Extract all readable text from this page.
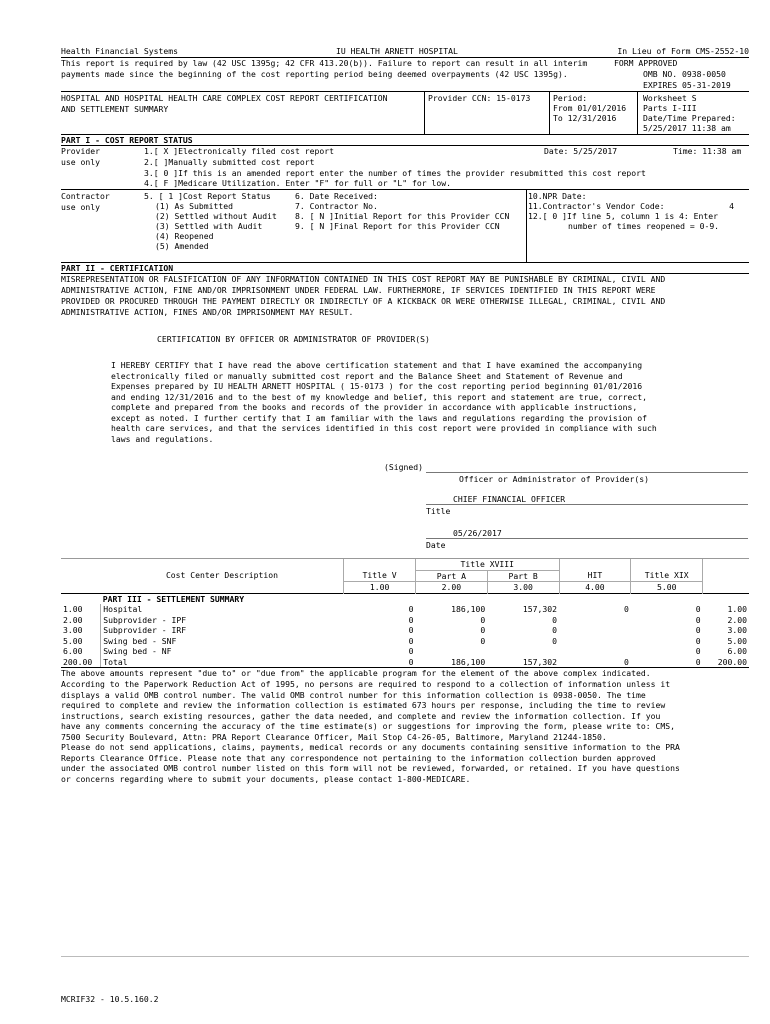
Health Financial Systems	IU HEALTH ARNETT HOSPITAL	In Lieu of Form CMS-2552-10
This report is required by law (42 USC 1395g; 42 CFR 413.20(b)). Failure to report can result in all interim	FORM APPROVED
payments made since the beginning of the cost reporting period being deemed overpayments (42 USC 1395g).	OMB NO. 0938-0050
EXPIRES 05-31-2019
HOSPITAL AND HOSPITAL HEALTH CARE COMPLEX COST REPORT CERTIFICATION
AND SETTLEMENT SUMMARY
Provider CCN: 15-0173	Period:
From 01/01/2016
To 12/31/2016
Worksheet S
Parts I-III
Date/Time Prepared:
5/25/2017 11:38 am
PART I - COST REPORT STATUS
Provider
use only
1.[ X ]Electronically filed cost report	Date: 5/25/2017	Time: 11:38 am
2.[ ]Manually submitted cost report
3.[ 0 ]If this is an amended report enter the number of times the provider resubmitted this cost report
4.[ F ]Medicare Utilization. Enter "F" for full or "L" for low.
Contractor
use only
5. [ 1 ]Cost Report Status
(1) As Submitted
(2) Settled without Audit
(3) Settled with Audit
(4) Reopened
(5) Amended
6. Date Received:
7. Contractor No.
8. [ N ]Initial Report for this Provider CCN
9. [ N ]Final Report for this Provider CCN
10.NPR Date:
11.Contractor's Vendor Code:	4
12.[ 0 ]If line 5, column 1 is 4: Enter
number of times reopened = 0-9.
PART II - CERTIFICATION
MISREPRESENTATION OR FALSIFICATION OF ANY INFORMATION CONTAINED IN THIS COST REPORT MAY BE PUNISHABLE BY CRIMINAL, CIVIL AND
ADMINISTRATIVE ACTION, FINE AND/OR IMPRISONMENT UNDER FEDERAL LAW. FURTHERMORE, IF SERVICES IDENTIFIED IN THIS REPORT WERE
PROVIDED OR PROCURED THROUGH THE PAYMENT DIRECTLY OR INDIRECTLY OF A KICKBACK OR WERE OTHERWISE ILLEGAL, CRIMINAL, CIVIL AND
ADMINISTRATIVE ACTION, FINES AND/OR IMPRISONMENT MAY RESULT.
CERTIFICATION BY OFFICER OR ADMINISTRATOR OF PROVIDER(S)
I HEREBY CERTIFY that I have read the above certification statement and that I have examined the accompanying
electronically filed or manually submitted cost report and the Balance Sheet and Statement of Revenue and
Expenses prepared by IU HEALTH ARNETT HOSPITAL ( 15-0173 ) for the cost reporting period beginning 01/01/2016
and ending 12/31/2016 and to the best of my knowledge and belief, this report and statement are true, correct,
complete and prepared from the books and records of the provider in accordance with applicable instructions,
except as noted. I further certify that I am familiar with the laws and regulations regarding the provision of
health care services, and that the services identified in this cost report were provided in compliance with such
laws and regulations.
(Signed)
Officer or Administrator of Provider(s)
CHIEF FINANCIAL OFFICER
Title
05/26/2017
Date
			Title XVIII				
	Cost Center Description	Title V	Part A	Part B	HIT	Title XIX	
		1.00	2.00	3.00	4.00	5.00	
	PART III - SETTLEMENT SUMMARY						
1.00	Hospital	0	186,100	157,302	0	0	1.00
2.00	Subprovider - IPF	0	0	0		0	2.00
3.00	Subprovider - IRF	0	0	0		0	3.00
5.00	Swing bed - SNF	0	0	0		0	5.00
6.00	Swing bed - NF	0				0	6.00
200.00	Total	0	186,100	157,302	0	0	200.00
The above amounts represent "due to" or "due from" the applicable program for the element of the above complex indicated.
According to the Paperwork Reduction Act of 1995, no persons are required to respond to a collection of information unless it
displays a valid OMB control number. The valid OMB control number for this information collection is 0938-0050. The time
required to complete and review the information collection is estimated 673 hours per response, including the time to review
instructions, search existing resources, gather the data needed, and complete and review the information collection. If you
have any comments concerning the accuracy of the time estimate(s) or suggestions for improving the form, please write to: CMS,
7500 Security Boulevard, Attn: PRA Report Clearance Officer, Mail Stop C4-26-05, Baltimore, Maryland 21244-1850.
Please do not send applications, claims, payments, medical records or any documents containing sensitive information to the PRA
Reports Clearance Office. Please note that any correspondence not pertaining to the information collection burden approved
under the associated OMB control number listed on this form will not be reviewed, forwarded, or retained. If you have questions
or concerns regarding where to submit your documents, please contact 1-800-MEDICARE.
MCRIF32 - 10.5.160.2
